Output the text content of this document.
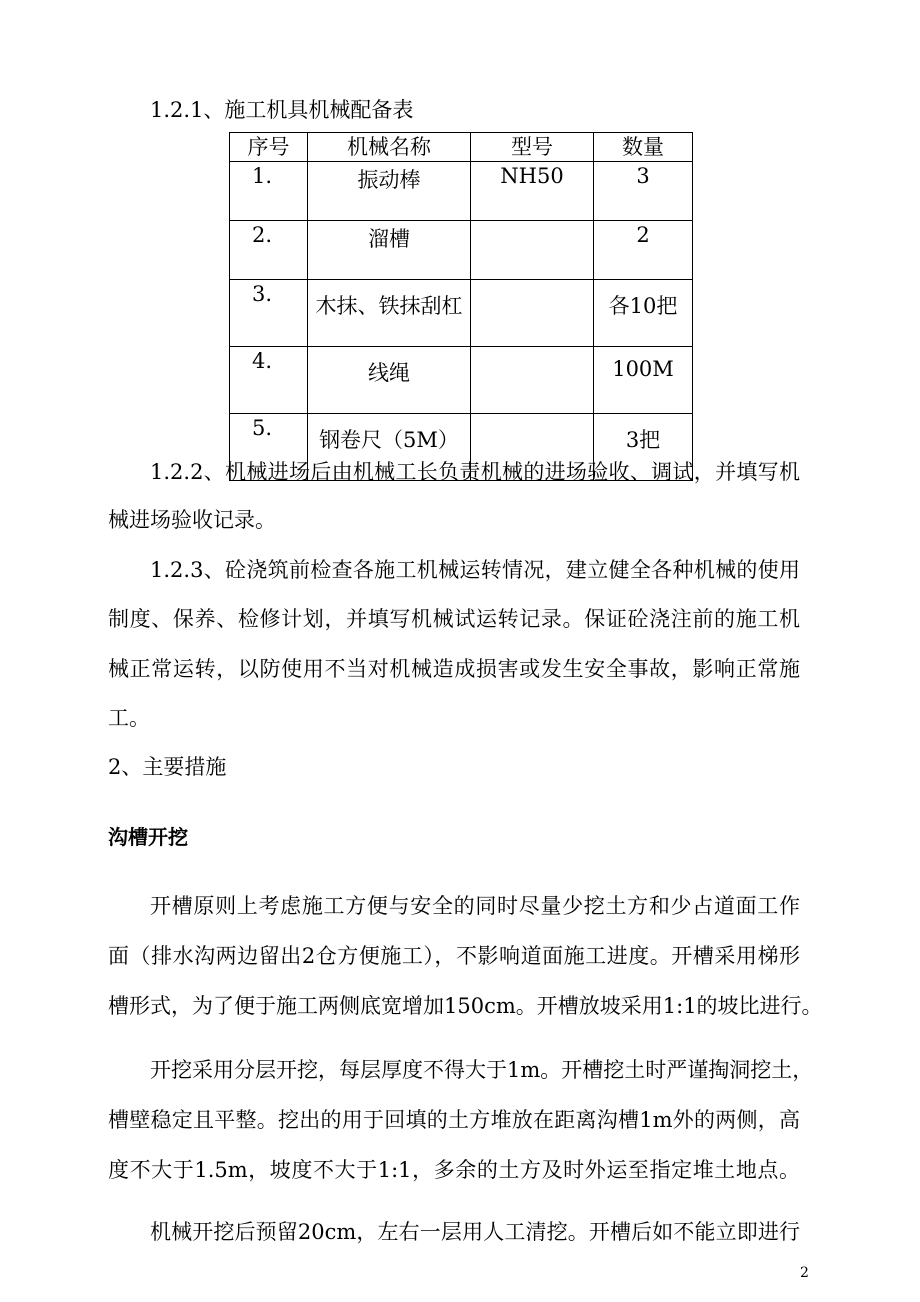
1.2.1、施工机具机械配备表
序号	机械名称	型号	数量
1.	振动棒	NH50	3
2.	溜槽		2
3.	木抹、铁抹刮杠		各10把
4.	线绳		100M
5.	钢卷尺（5M）		3把
1.2.2、机械进场后由机械工长负责机械的进场验收、调试，并填写机
械进场验收记录。
1.2.3、砼浇筑前检查各施工机械运转情况，建立健全各种机械的使用
制度、保养、检修计划，并填写机械试运转记录。保证砼浇注前的施工机
械正常运转，以防使用不当对机械造成损害或发生安全事故，影响正常施
工。
2、主要措施
沟槽开挖
开槽原则上考虑施工方便与安全的同时尽量少挖土方和少占道面工作
面（排水沟两边留出2仓方便施工），不影响道面施工进度。开槽采用梯形
槽形式，为了便于施工两侧底宽增加150cm。开槽放坡采用1:1的坡比进行。
开挖采用分层开挖，每层厚度不得大于1m。开槽挖土时严谨掏洞挖土，
槽壁稳定且平整。挖出的用于回填的土方堆放在距离沟槽1m外的两侧，高
度不大于1.5m，坡度不大于1:1，多余的土方及时外运至指定堆土地点。
机械开挖后预留20cm，左右一层用人工清挖。开槽后如不能立即进行
2
